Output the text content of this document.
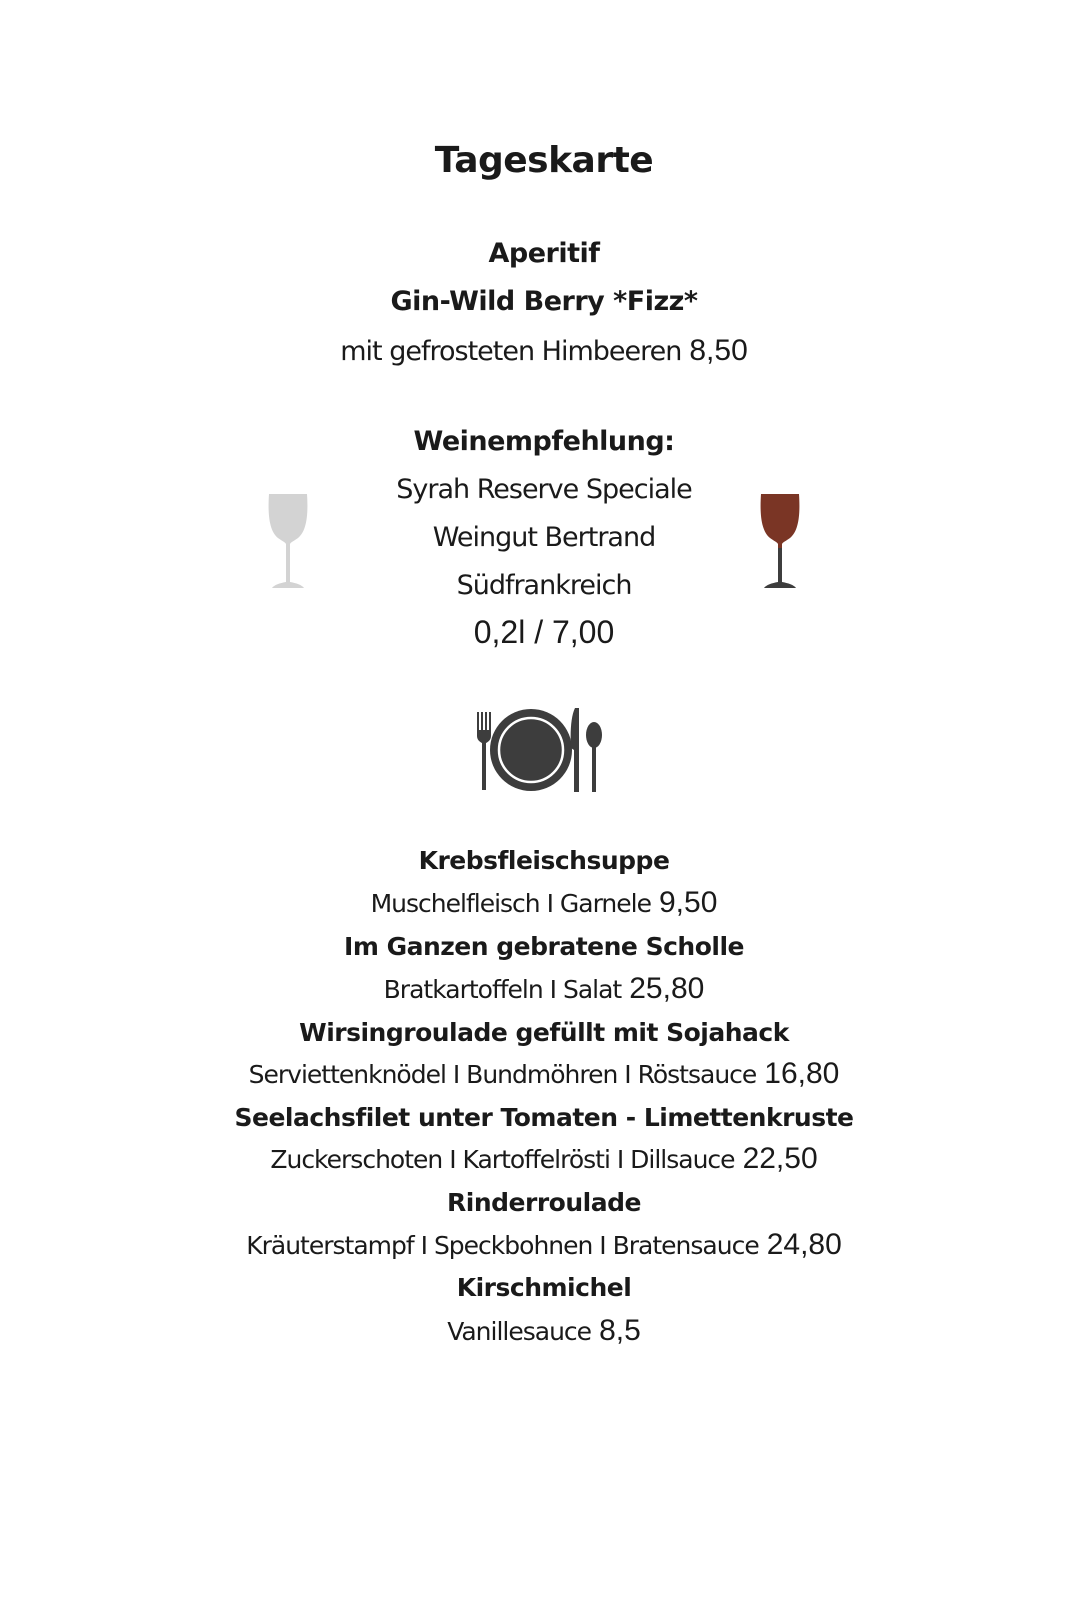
Tageskarte
Aperitif
Gin-Wild Berry *Fizz*
mit gefrosteten Himbeeren 8,50
Weinempfehlung:
Syrah Reserve Speciale
Weingut Bertrand
Südfrankreich
0,2l / 7,00
Krebsfleischsuppe
Muschelfleisch I Garnele 9,50
Im Ganzen gebratene Scholle
Bratkartoffeln I Salat 25,80
Wirsingroulade gefüllt mit Sojahack
Serviettenknödel I Bundmöhren I Röstsauce 16,80
Seelachsfilet unter Tomaten - Limettenkruste
Zuckerschoten I Kartoffelrösti I Dillsauce 22,50
Rinderroulade
Kräuterstampf I Speckbohnen I Bratensauce 24,80
Kirschmichel
Vanillesauce 8,5
